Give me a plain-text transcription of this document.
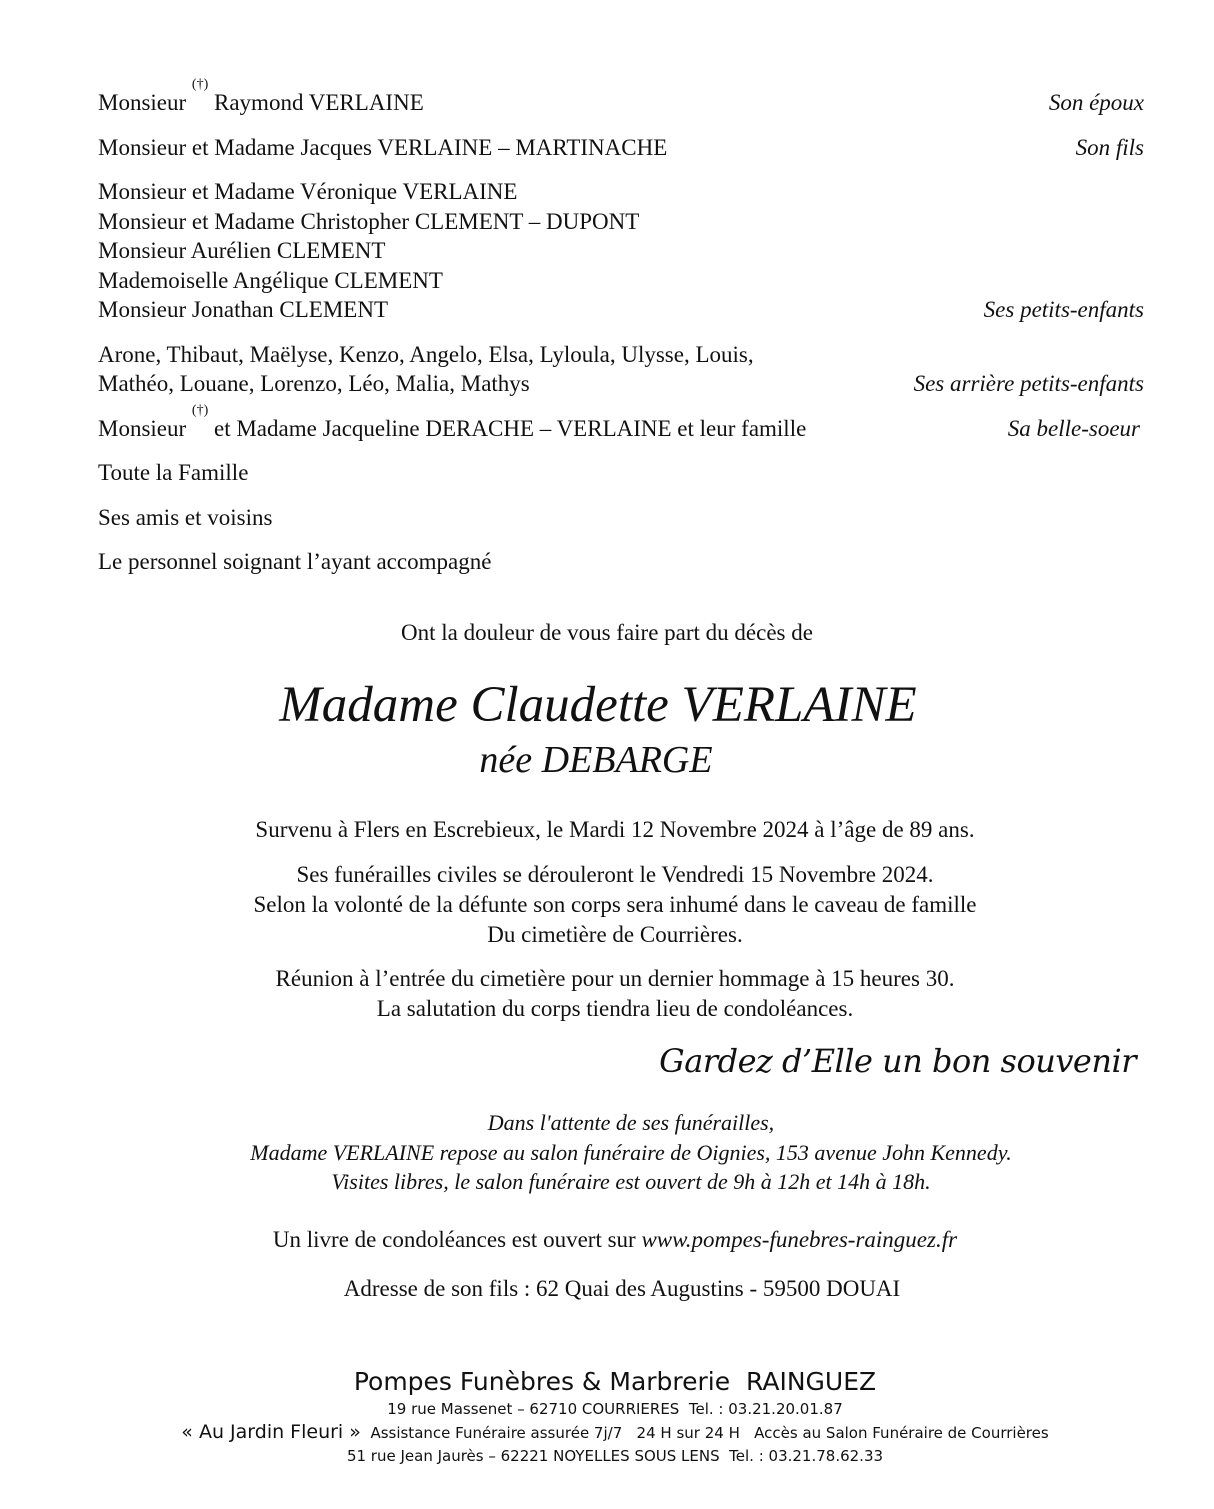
Monsieur (†) Raymond VERLAINE	Son époux
Monsieur et Madame Jacques VERLAINE – MARTINACHE	Son fils
Monsieur et Madame Véronique VERLAINE
Monsieur et Madame Christopher CLEMENT – DUPONT
Monsieur Aurélien CLEMENT
Mademoiselle Angélique CLEMENT
Monsieur Jonathan CLEMENT	Ses petits-enfants
Arone, Thibaut, Maëlyse, Kenzo, Angelo, Elsa, Lyloula, Ulysse, Louis,
Mathéo, Louane, Lorenzo, Léo, Malia, Mathys	Ses arrière petits-enfants
Monsieur (†) et Madame Jacqueline DERACHE – VERLAINE et leur famille	Sa belle-soeur
Toute la Famille
Ses amis et voisins
Le personnel soignant l’ayant accompagné
Ont la douleur de vous faire part du décès de
Madame Claudette VERLAINE
née DEBARGE
Survenu à Flers en Escrebieux, le Mardi 12 Novembre 2024 à l’âge de 89 ans.
Ses funérailles civiles se dérouleront le Vendredi 15 Novembre 2024.
Selon la volonté de la défunte son corps sera inhumé dans le caveau de famille
Du cimetière de Courrières.
Réunion à l’entrée du cimetière pour un dernier hommage à 15 heures 30.
La salutation du corps tiendra lieu de condoléances.
Gardez d’Elle un bon souvenir
Dans l'attente de ses funérailles,
Madame VERLAINE repose au salon funéraire de Oignies, 153 avenue John Kennedy.
Visites libres, le salon funéraire est ouvert de 9h à 12h et 14h à 18h.
Un livre de condoléances est ouvert sur www.pompes-funebres-rainguez.fr
Adresse de son fils : 62 Quai des Augustins - 59500 DOUAI
Pompes Funèbres & Marbrerie  RAINGUEZ
19 rue Massenet – 62710 COURRIERES  Tel. : 03.21.20.01.87
« Au Jardin Fleuri » Assistance Funéraire assurée 7j/7   24 H sur 24 H   Accès au Salon Funéraire de Courrières
51 rue Jean Jaurès – 62221 NOYELLES SOUS LENS  Tel. : 03.21.78.62.33
